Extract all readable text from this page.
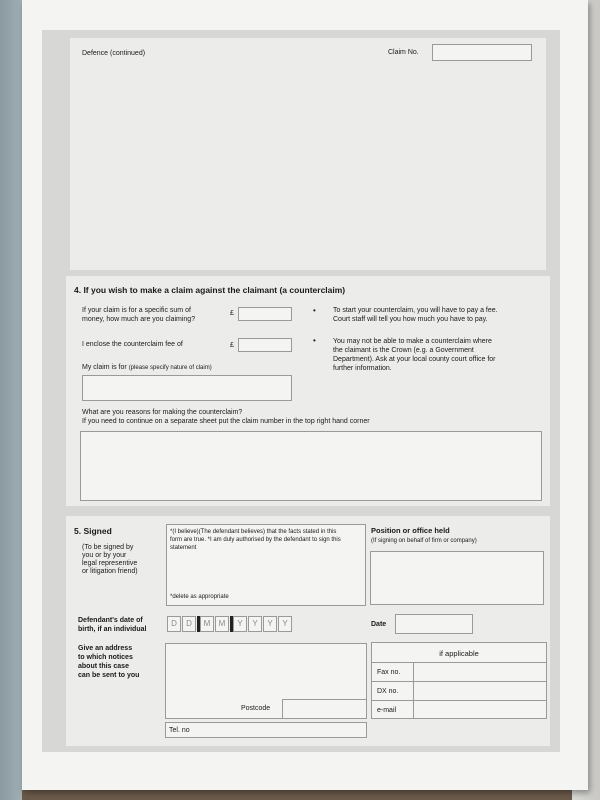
Defence (continued)	Claim No.
4. If you wish to make a claim against the claimant (a counterclaim)
If your claim is for a specific sum of
money, how much are you claiming?
£
I enclose the counterclaim fee of	£
My claim is for (please specify nature of claim)
• To start your counterclaim, you will have to pay a fee.
Court staff will tell you how much you have to pay.
• You may not be able to make a counterclaim where
the claimant is the Crown (e.g. a Government
Department). Ask at your local county court office for
further information.
What are you reasons for making the counterclaim?
If you need to continue on a separate sheet put the claim number in the top right hand corner
5. Signed
(To be signed by
you or by your
legal representive
or litigation friend)
*(I believe)(The defendant believes) that the facts stated in this
form are true. *I am duly authorised by the defendant to sign this
statement
*delete as appropriate
Position or office held
(If signing on behalf of firm or company)
Defendant's date of
birth, if an individual
D	D	M	M	Y	Y	Y	Y	Date
Give an address
to which notices
about this case
can be sent to you
Postcode
Tel. no
if applicable
Fax no.
DX no.
e-mail
